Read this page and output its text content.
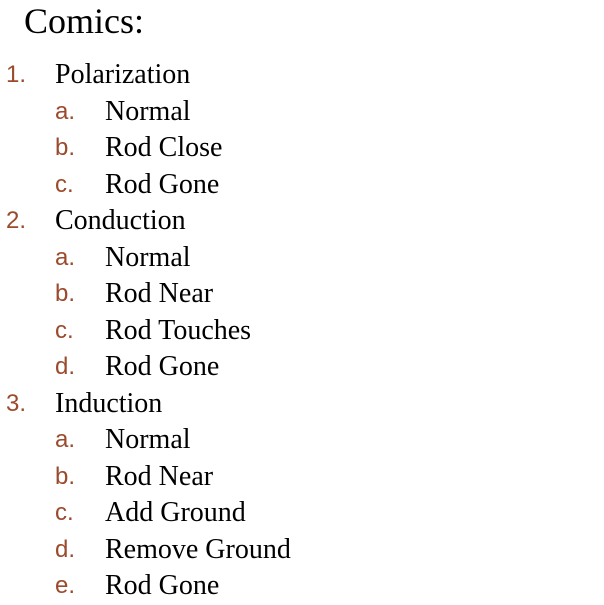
Comics:
1. Polarization
a. Normal
b. Rod Close
c. Rod Gone
2. Conduction
a. Normal
b. Rod Near
c. Rod Touches
d. Rod Gone
3. Induction
a. Normal
b. Rod Near
c. Add Ground
d. Remove Ground
e. Rod Gone
